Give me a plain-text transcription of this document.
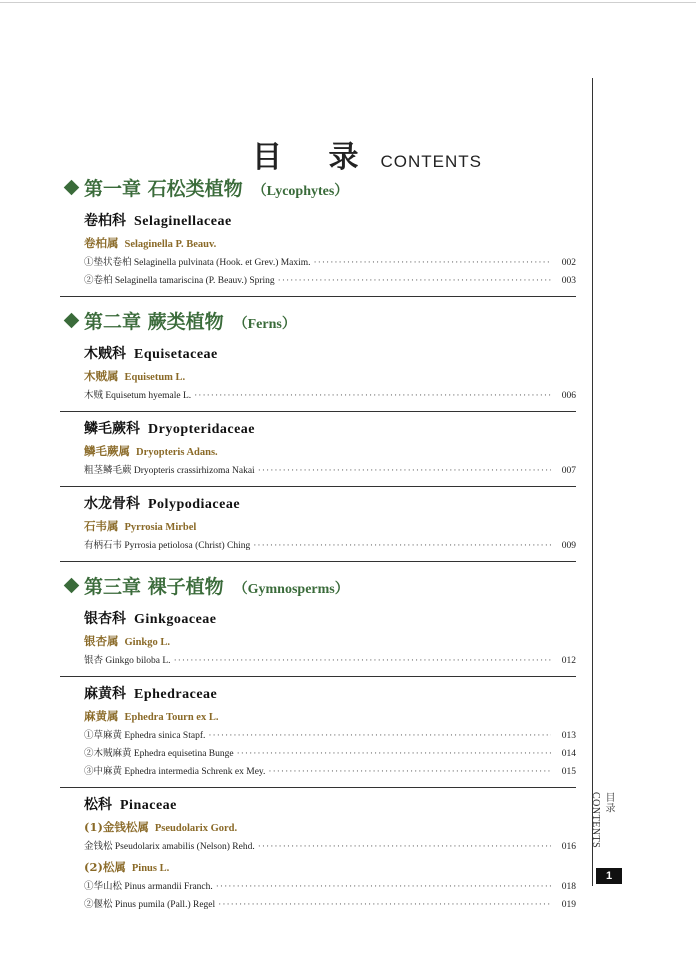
目 录 CONTENTS
第一章 石松类植物 （Lycophytes）
卷柏科 Selaginellaceae
卷柏属 Selaginella P. Beauv.
①垫状卷柏 Selaginella pulvinata (Hook. et Grev.) Maxim. ·····	002
②卷柏 Selaginella tamariscina (P. Beauv.) Spring ·····	003
第二章 蕨类植物 （Ferns）
木贼科 Equisetaceae
木贼属 Equisetum L.
木贼 Equisetum hyemale L. ·····	006
鳞毛蕨科 Dryopteridaceae
鳞毛蕨属 Dryopteris Adans.
粗茎鳞毛蕨 Dryopteris crassirhizoma Nakai ·····	007
水龙骨科 Polypodiaceae
石韦属 Pyrrosia Mirbel
有柄石韦 Pyrrosia petiolosa (Christ) Ching ·····	009
第三章 裸子植物 （Gymnosperms）
银杏科 Ginkgoaceae
银杏属 Ginkgo L.
银杏 Ginkgo biloba L. ·····	012
麻黄科 Ephedraceae
麻黄属 Ephedra Tourn ex L.
①草麻黄 Ephedra sinica Stapf. ·····	013
②木贼麻黄 Ephedra equisetina Bunge ·····	014
③中麻黄 Ephedra intermedia Schrenk ex Mey. ·····	015
松科 Pinaceae
(1)金钱松属 Pseudolarix Gord.
金钱松 Pseudolarix amabilis (Nelson) Rehd. ·····	016
(2)松属 Pinus L.
①华山松 Pinus armandii Franch. ·····	018
②偃松 Pinus pumila (Pall.) Regel ·····	019
目录 CONTENTS
1
